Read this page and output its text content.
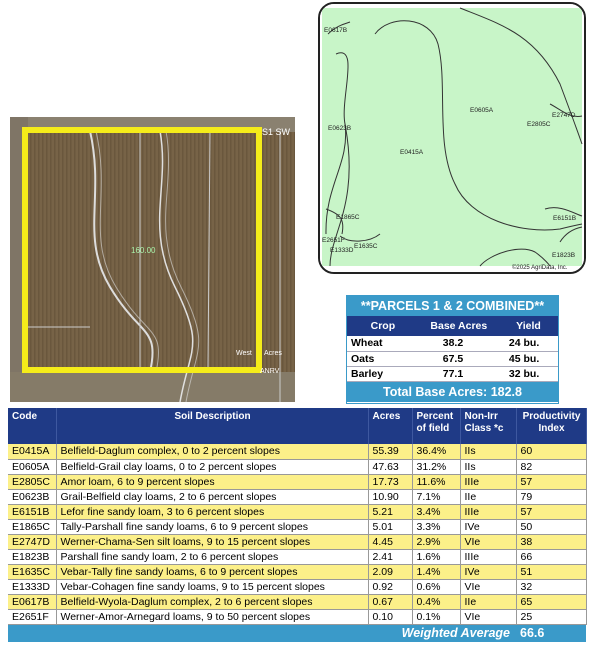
160.00
S1 SW
West Acres
ANRV
E0617B
E0623B
E0605A
E2747D
E2805C
E0415A
E1865C
E2651F
E1333D
E1635C
E6151B
E1823B
©2025 AgriData, Inc.
**PARCELS 1 & 2 COMBINED**
Crop	Base Acres	Yield
Wheat	38.2	24 bu.
Oats	67.5	45 bu.
Barley	77.1	32 bu.
Total Base Acres: 182.8
Code	Soil Description	Acres	Percent of field	Non-Irr Class *c	Productivity Index
E0415A	Belfield-Daglum complex, 0 to 2 percent slopes	55.39	36.4%	IIs	60
E0605A	Belfield-Grail clay loams, 0 to 2 percent slopes	47.63	31.2%	IIs	82
E2805C	Amor loam, 6 to 9 percent slopes	17.73	11.6%	IIIe	57
E0623B	Grail-Belfield clay loams, 2 to 6 percent slopes	10.90	7.1%	IIe	79
E6151B	Lefor fine sandy loam, 3 to 6 percent slopes	5.21	3.4%	IIIe	57
E1865C	Tally-Parshall fine sandy loams, 6 to 9 percent slopes	5.01	3.3%	IVe	50
E2747D	Werner-Chama-Sen silt loams, 9 to 15 percent slopes	4.45	2.9%	VIe	38
E1823B	Parshall fine sandy loam, 2 to 6 percent slopes	2.41	1.6%	IIIe	66
E1635C	Vebar-Tally fine sandy loams, 6 to 9 percent slopes	2.09	1.4%	IVe	51
E1333D	Vebar-Cohagen fine sandy loams, 9 to 15 percent slopes	0.92	0.6%	VIe	32
E0617B	Belfield-Wyola-Daglum complex, 2 to 6 percent slopes	0.67	0.4%	IIe	65
E2651F	Werner-Amor-Arnegard loams, 9 to 50 percent slopes	0.10	0.1%	VIe	25
Weighted Average					66.6
